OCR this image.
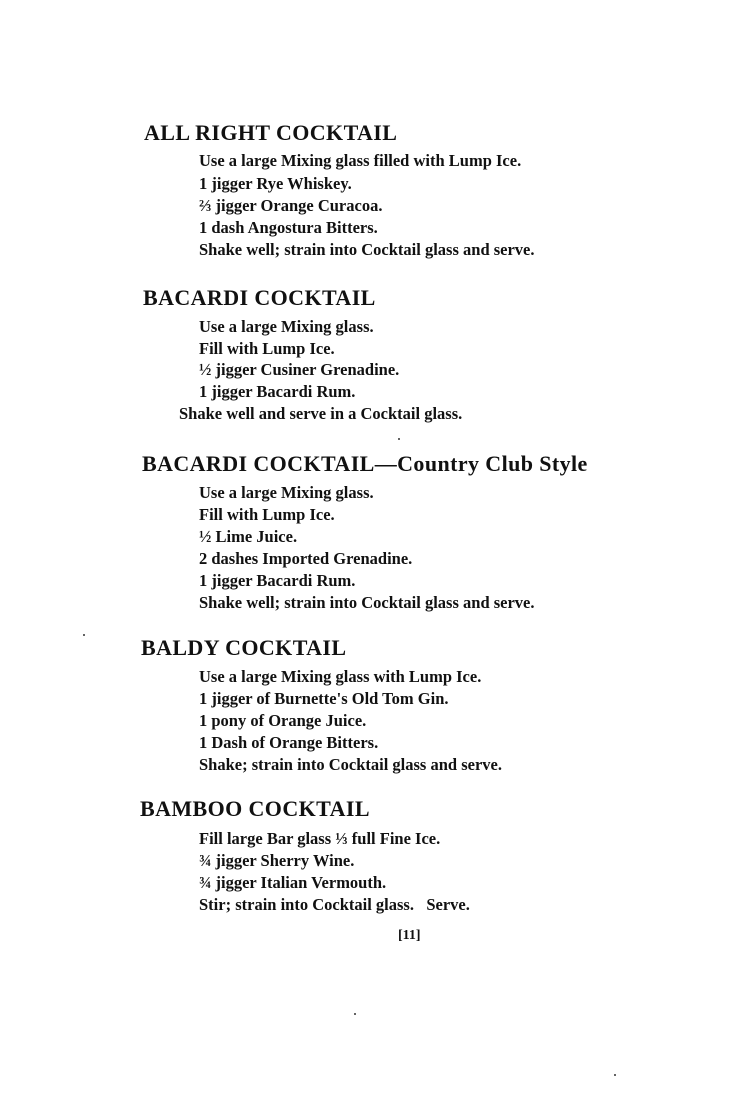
ALL RIGHT COCKTAIL
Use a large Mixing glass filled with Lump Ice.
1 jigger Rye Whiskey.
⅔ jigger Orange Curacoa.
1 dash Angostura Bitters.
Shake well; strain into Cocktail glass and serve.
BACARDI COCKTAIL
Use a large Mixing glass.
Fill with Lump Ice.
½ jigger Cusiner Grenadine.
1 jigger Bacardi Rum.
Shake well and serve in a Cocktail glass.
BACARDI COCKTAIL—Country Club Style
Use a large Mixing glass.
Fill with Lump Ice.
½ Lime Juice.
2 dashes Imported Grenadine.
1 jigger Bacardi Rum.
Shake well; strain into Cocktail glass and serve.
BALDY COCKTAIL
Use a large Mixing glass with Lump Ice.
1 jigger of Burnette's Old Tom Gin.
1 pony of Orange Juice.
1 Dash of Orange Bitters.
Shake; strain into Cocktail glass and serve.
BAMBOO COCKTAIL
Fill large Bar glass ⅓ full Fine Ice.
¾ jigger Sherry Wine.
¾ jigger Italian Vermouth.
Stir; strain into Cocktail glass.   Serve.
[11]
